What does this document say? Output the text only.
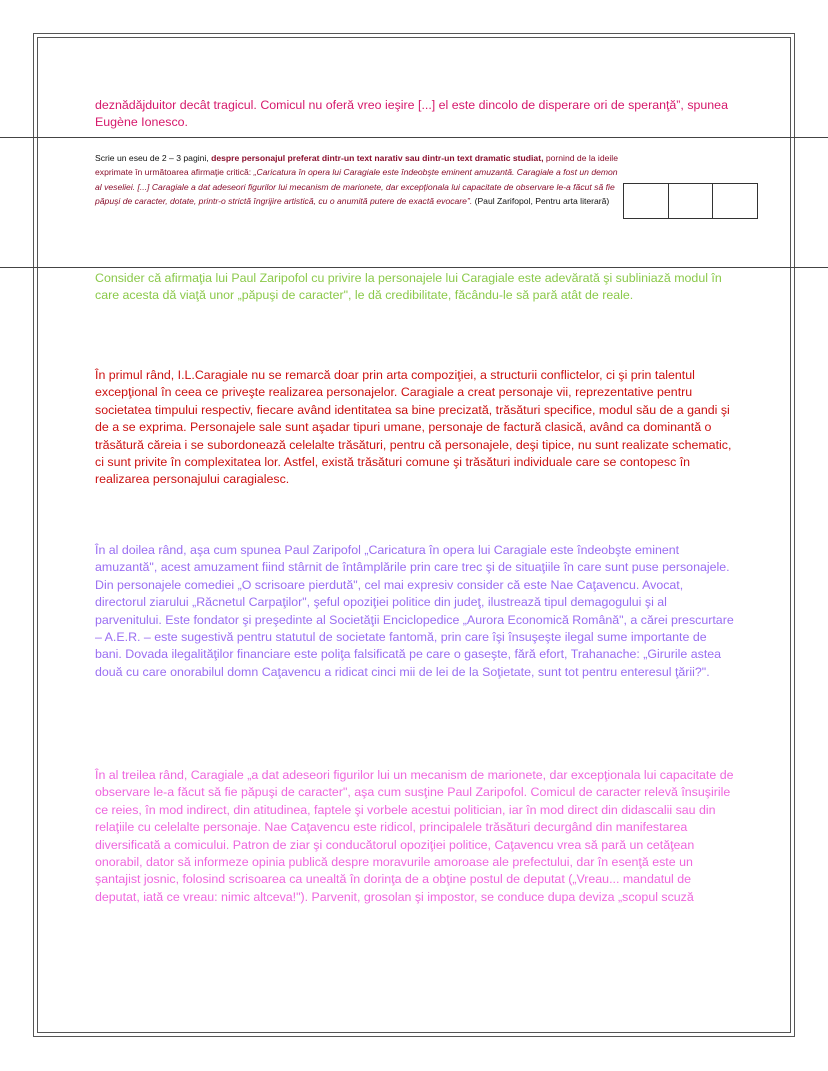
deznădăjduitor decât tragicul. Comicul nu oferă vreo ieşire [...] el este dincolo de disperare ori de speranţă”, spunea Eugène Ionesco.

Scrie un eseu de 2 – 3 pagini, despre personajul preferat dintr-un text narativ sau dintr-un text dramatic studiat, pornind de la ideile exprimate în următoarea afirmaţie critică: „Caricatura în opera lui Caragiale este îndeobşte eminent amuzantă. Caragiale a fost un demon al veseliei. [...] Caragiale a dat adeseori figurilor lui mecanism de marionete, dar excepţionala lui capacitate de observare le-a făcut să fie păpuşi de caracter, dotate, printr-o strictă îngrijire artistică, cu o anumită putere de exactă evocare”. (Paul Zarifopol, Pentru arta literară)

Consider că afirmaţia lui Paul Zaripofol cu privire la personajele lui Caragiale este adevărată şi subliniază modul în care acesta dă viaţă unor „păpuşi de caracter", le dă credibilitate, făcându-le să pară atât de reale.

În primul rând, I.L.Caragiale nu se remarcă doar prin arta compoziţiei, a structurii conflictelor, ci şi prin talentul excepţional în ceea ce priveşte realizarea personajelor. Caragiale a creat personaje vii, reprezentative pentru societatea timpului respectiv, fiecare având identitatea sa bine precizată, trăsături specifice, modul său de a gandi şi de a se exprima. Personajele sale sunt aşadar tipuri umane, personaje de factură clasică, având ca dominantă o trăsătură căreia i se subordonează celelalte trăsături, pentru că personajele, deşi tipice, nu sunt realizate schematic, ci sunt privite în complexitatea lor. Astfel, există trăsături comune şi trăsături individuale care se contopesc în realizarea personajului caragialesc.

În al doilea rând, aşa cum spunea Paul Zaripofol „Caricatura în opera lui Caragiale este îndeobşte eminent amuzantă", acest amuzament fiind stârnit de întâmplările prin care trec şi de situaţiile în care sunt puse personajele. Din personajele comediei „O scrisoare pierdută", cel mai expresiv consider că este Nae Caţavencu. Avocat, directorul ziarului „Răcnetul Carpaţilor", şeful opoziţiei politice din judeţ, ilustrează tipul demagogului şi al parvenitului. Este fondator şi preşedinte al Societăţii Enciclopedice „Aurora Economică Română", a cărei prescurtare – A.E.R. – este sugestivă pentru statutul de societate fantomă, prin care îşi însuşeşte ilegal sume importante de bani. Dovada ilegalităţilor financiare este poliţa falsificată pe care o gaseşte, fără efort, Trahanache: „Girurile astea două cu care onorabilul domn Caţavencu a ridicat cinci mii de lei de la Soţietate, sunt tot pentru enteresul ţării?".

În al treilea rând, Caragiale „a dat adeseori figurilor lui un mecanism de marionete, dar excepţionala lui capacitate de observare le-a făcut să fie păpuşi de caracter", aşa cum susţine Paul Zaripofol. Comicul de caracter relevă însuşirile ce reies, în mod indirect, din atitudinea, faptele şi vorbele acestui politician, iar în mod direct din didascalii sau din relaţiile cu celelalte personaje. Nae Caţavencu este ridicol, principalele trăsături decurgând din manifestarea diversificată a comicului. Patron de ziar şi conducătorul opoziţiei politice, Caţavencu vrea să pară un cetăţean onorabil, dator să informeze opinia publică despre moravurile amoroase ale prefectului, dar în esenţă este un şantajist josnic, folosind scrisoarea ca unealtă în dorinţa de a obţine postul de deputat („Vreau... mandatul de deputat, iată ce vreau: nimic altceva!"). Parvenit, grosolan şi impostor, se conduce dupa deviza „scopul scuză
